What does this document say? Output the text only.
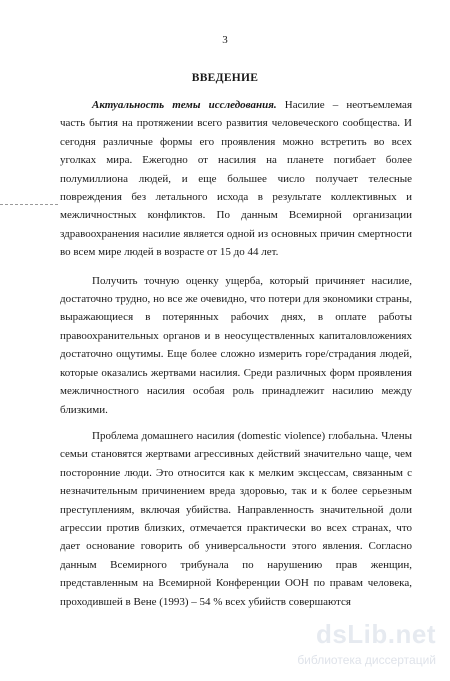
3
ВВЕДЕНИЕ

Актуальность темы исследования. Насилие – неотъемлемая часть бытия на протяжении всего развития человеческого сообщества. И сегодня различные формы его проявления можно встретить во всех уголках мира. Ежегодно от насилия на планете погибает более полумиллиона людей, и еще большее число получает телесные повреждения без летального исхода в результате коллективных и межличностных конфликтов. По данным Всемирной организации здравоохранения насилие является одной из основных причин смертности во всем мире людей в возрасте от 15 до 44 лет.

Получить точную оценку ущерба, который причиняет насилие, достаточно трудно, но все же очевидно, что потери для экономики страны, выражающиеся в потерянных рабочих днях, в оплате работы правоохранительных органов и в неосуществленных капиталовложениях достаточно ощутимы. Еще более сложно измерить горе/страдания людей, которые оказались жертвами насилия. Среди различных форм проявления межличностного насилия особая роль принадлежит насилию между близкими.

Проблема домашнего насилия (domestic violence) глобальна. Члены семьи становятся жертвами агрессивных действий значительно чаще, чем посторонние люди. Это относится как к мелким эксцессам, связанным с незначительным причинением вреда здоровью, так и к более серьезным преступлениям, включая убийства. Направленность значительной доли агрессии против близких, отмечается практически во всех странах, что дает основание говорить об универсальности этого явления. Согласно данным Всемирного трибунала по нарушению прав женщин, представленным на Всемирной Конференции ООН по правам человека, проходившей в Вене (1993) – 54 % всех убийств совершаются

dsLib.net
библиотека диссертаций
